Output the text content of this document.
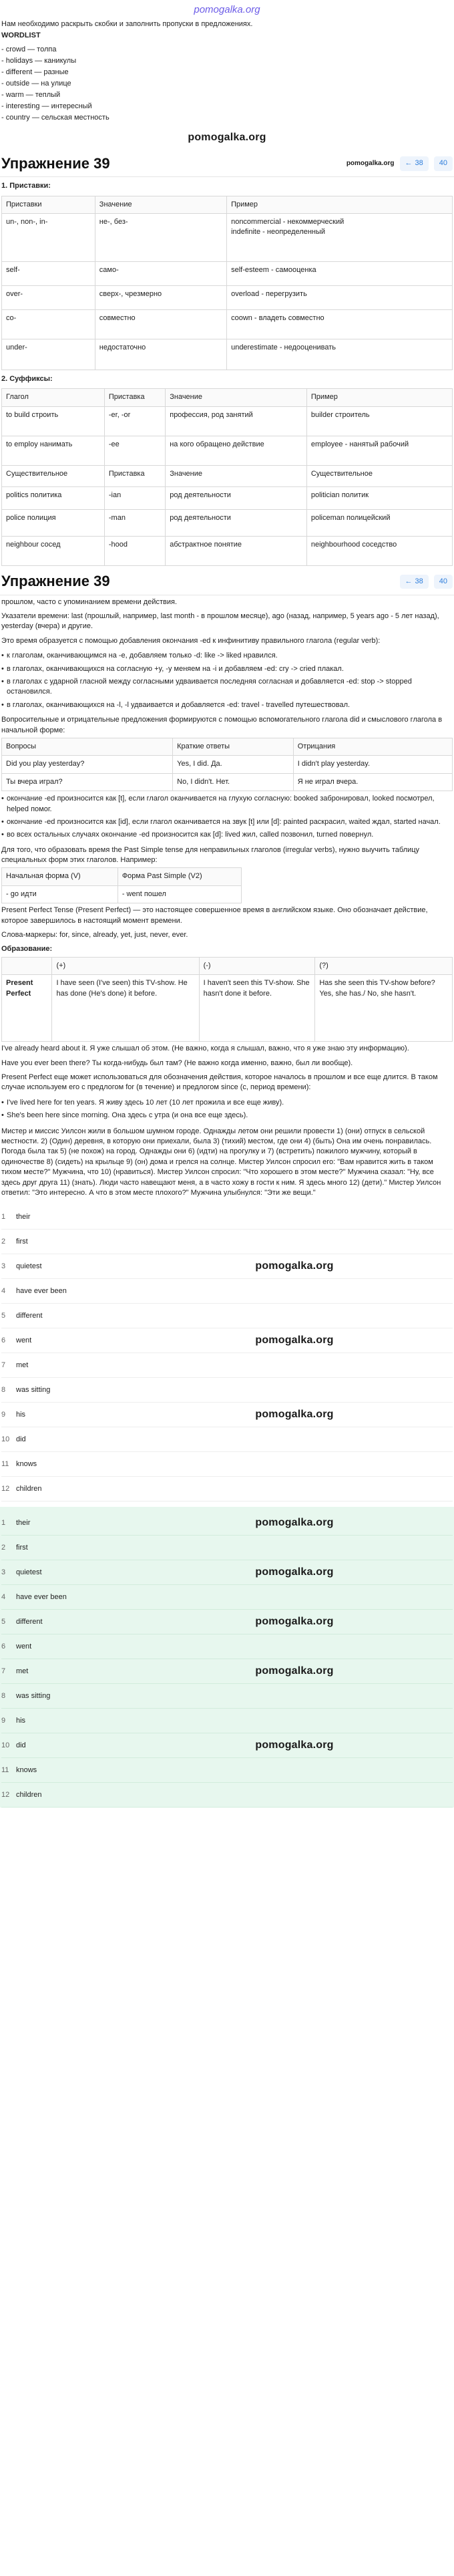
pomogalka.org

Нам необходимо раскрыть скобки и заполнить пропуски в предложениях.

WORDLIST
- crowd — толпа
- holidays — каникулы
- different — разные
- outside — на улице
- warm — теплый
- interesting — интересный
- country — сельская местность
pomogalka.org
Упражнение 39	pomogalka.org ← 38	40
1. Приставки:
Приставки	Значение	Пример
un-, non-, in-	не-, без-	noncommercial - некоммерческий
indefinite - неопределенный
self-	само-	self-esteem - самооценка
over-	сверх-, чрезмерно	overload - перегрузить
co-	совместно	coown - владеть совместно
under-	недостаточно	underestimate - недооценивать
2. Суффиксы:
Глагол	Приставка	Значение	Пример
to build строить	-er, -or	профессия, род занятий	builder строитель
to employ нанимать	-ee	на кого обращено действие	employee - нанятый рабочий
Существительное	Приставка	Значение	Существительное
politics политика	-ian	род деятельности	politician политик
police полиция	-man	род деятельности	policeman полицейский
neighbour сосед	-hood	абстрактное понятие	neighbourhood соседство
Упражнение 39	← 38	40

прошлом, часто с упоминанием времени действия.

Указатели времени: last (прошлый, например, last month - в прошлом месяце), ago (назад, например, 5 years ago - 5 лет назад), yesterday (вчера) и другие.

Это время образуется с помощью добавления окончания -ed к инфинитиву правильного глагола (regular verb):

• к глаголам, оканчивающимся на -e, добавляем только -d: like -> liked нравился.
• в глаголах, оканчивающихся на согласную +y, -y меняем на -i и добавляем -ed: cry -> cried плакал.
• в глаголах с ударной гласной между согласными удваивается последняя согласная и добавляется -ed: stop -> stopped остановился.
• в глаголах, оканчивающихся на -l, -l удваивается и добавляется -ed: travel - travelled путешествовал.

Вопросительные и отрицательные предложения формируются с помощью вспомогательного глагола did и смыслового глагола в начальной форме:

Вопросы	Краткие ответы	Отрицания
Did you play yesterday?	Yes, I did. Да.	I didn't play yesterday.
Ты вчера играл?	No, I didn't. Нет.	Я не играл вчера.
• окончание -ed произносится как [t], если глагол оканчивается на глухую согласную: booked забронировал, looked посмотрел, helped помог.
• окончание -ed произносится как [id], если глагол оканчивается на звук [t] или [d]: painted раскрасил, waited ждал, started начал.
• во всех остальных случаях окончание -ed произносится как [d]: lived жил, called позвонил, turned повернул.

Для того, что образовать время the Past Simple tense для неправильных глаголов (irregular verbs), нужно выучить таблицу специальных форм этих глаголов. Например:

Начальная форма (V)	Форма Past Simple (V2)
- go идти	- went пошел

Present Perfect Tense (Present Perfect) — это настоящее совершенное время в английском языке. Оно обозначает действие, которое завершилось в настоящий момент времени.

Слова-маркеры: for, since, already, yet, just, never, ever.

Образование:

	(+)	(-)	(?)
Present Perfect	I have seen (I've seen) this TV-show. He has done (He's done) it before.	I haven't seen this TV-show. She hasn't done it before.	Has she seen this TV-show before? Yes, she has./ No, she hasn't.

I've already heard about it. Я уже слышал об этом. (Не важно, когда я слышал, важно, что я уже знаю эту информацию).

Have you ever been there? Ты когда-нибудь был там? (Не важно когда именно, важно, был ли вообще).

Present Perfect еще может использоваться для обозначения действия, которое началось в прошлом и все еще длится. В таком случае используем его с предлогом for (в течение) и предлогом since (с, период времени):

• I've lived here for ten years. Я живу здесь 10 лет (10 лет прожила и все еще живу).
• She's been here since morning. Она здесь с утра (и она все еще здесь).

Мистер и миссис Уилсон жили в большом шумном городе. Однажды летом они решили провести 1) (они) отпуск в сельской местности. 2) (Один) деревня, в которую они приехали, была 3) (тихий) местом, где они 4) (быть) Она им очень понравилась. Погода была так 5) (не похож) на город. Однажды они 6) (идти) на прогулку и 7) (встретить) пожилого мужчину, который в одиночестве 8) (сидеть) на крыльце 9) (он) дома и грелся на солнце. Мистер Уилсон спросил его: "Вам нравится жить в таком тихом месте?" Мужчина, что 10) (нравиться). Мистер Уилсон спросил: "Что хорошего в этом месте?" Мужчина сказал: "Ну, все здесь друг друга 11) (знать). Люди часто навещают меня, а в часто хожу в гости к ним. Я здесь много 12) (дети)." Мистер Уилсон ответил: "Это интересно. А что в этом месте плохого?" Мужчина улыбнулся: "Эти же вещи."

1	their
2	first
3	quietest	pomogalka.org
4	have ever been
5	different
6	went	pomogalka.org
7	met
8	was sitting
9	his	pomogalka.org
10 did
11 knows
12 children
1	their	pomogalka.org
2	first
3	quietest	pomogalka.org
4	have ever been
5	different	pomogalka.org
6	went
7	met	pomogalka.org
8	was sitting
9	his
10 did	pomogalka.org
11 knows
12 children
